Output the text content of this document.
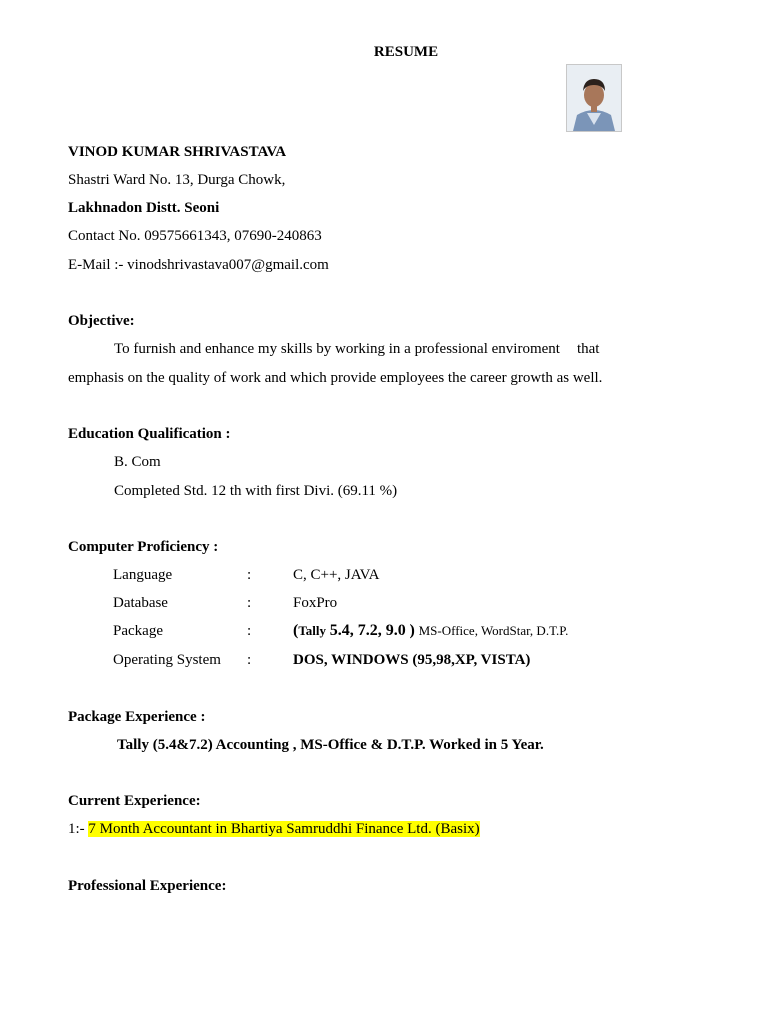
RESUME
VINOD KUMAR SHRIVASTAVA
Shastri Ward No. 13, Durga Chowk,
Lakhnadon Distt. Seoni
Contact No. 09575661343, 07690-240863
E-Mail :- vinodshrivastava007@gmail.com
Objective:
To furnish and enhance my skills by working in a professional enviroment that
emphasis on the quality of work and which provide employees the career growth as well.
Education Qualification :
B. Com
Completed Std. 12 th with first Divi. (69.11 %)
Computer Proficiency :
Language	:	C, C++, JAVA
Database	:	FoxPro
Package	:	(Tally 5.4, 7.2, 9.0 ) MS-Office, WordStar, D.T.P.
Operating System :	DOS, WINDOWS (95,98,XP, VISTA)
Package Experience :
Tally (5.4&7.2) Accounting , MS-Office & D.T.P. Worked in 5 Year.
Current Experience:
1:- 7 Month Accountant in Bhartiya Samruddhi Finance Ltd. (Basix)
Professional Experience:
